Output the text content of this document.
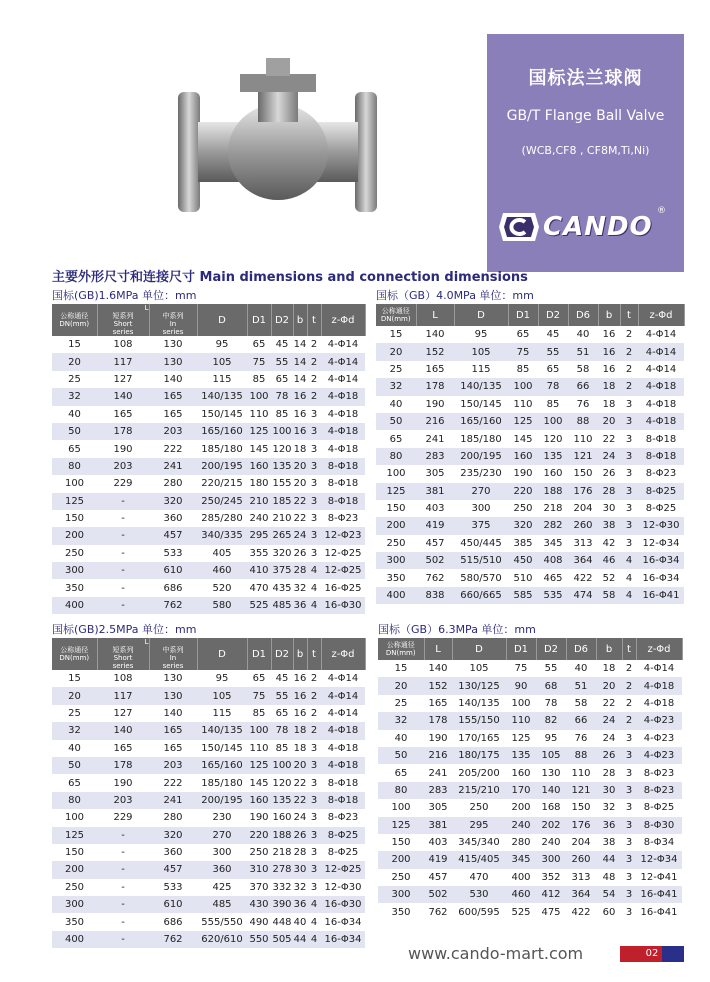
国标法兰球阀
GB/T Flange Ball Valve
(WCB,CF8 , CF8M,Ti,Ni)
CANDO
®
主要外形尺寸和连接尺寸 Main dimensions and connection dimensions
国标(GB)1.6MPa 单位：mm
公称通径
DN(mm)	L
短系列
Short
series	中系列
In
series	D	D1	D2	b	t	z-Φd
15	108	130	95	65	45	14	2	4-Φ14
20	117	130	105	75	55	14	2	4-Φ14
25	127	140	115	85	65	14	2	4-Φ14
32	140	165	140/135	100	78	16	2	4-Φ18
40	165	165	150/145	110	85	16	3	4-Φ18
50	178	203	165/160	125	100	16	3	4-Φ18
65	190	222	185/180	145	120	18	3	4-Φ18
80	203	241	200/195	160	135	20	3	8-Φ18
100	229	280	220/215	180	155	20	3	8-Φ18
125	-	320	250/245	210	185	22	3	8-Φ18
150	-	360	285/280	240	210	22	3	8-Φ23
200	-	457	340/335	295	265	24	3	12-Φ23
250	-	533	405	355	320	26	3	12-Φ25
300	-	610	460	410	375	28	4	12-Φ25
350	-	686	520	470	435	32	4	16-Φ25
400	-	762	580	525	485	36	4	16-Φ30
国标（GB）4.0MPa 单位：mm
公称通径
DN(mm)	L	D	D1	D2	D6	b	t	z-Φd
15	140	95	65	45	40	16	2	4-Φ14
20	152	105	75	55	51	16	2	4-Φ14
25	165	115	85	65	58	16	2	4-Φ14
32	178	140/135	100	78	66	18	2	4-Φ18
40	190	150/145	110	85	76	18	3	4-Φ18
50	216	165/160	125	100	88	20	3	4-Φ18
65	241	185/180	145	120	110	22	3	8-Φ18
80	283	200/195	160	135	121	24	3	8-Φ18
100	305	235/230	190	160	150	26	3	8-Φ23
125	381	270	220	188	176	28	3	8-Φ25
150	403	300	250	218	204	30	3	8-Φ25
200	419	375	320	282	260	38	3	12-Φ30
250	457	450/445	385	345	313	42	3	12-Φ34
300	502	515/510	450	408	364	46	4	16-Φ34
350	762	580/570	510	465	422	52	4	16-Φ34
400	838	660/665	585	535	474	58	4	16-Φ41
国标(GB)2.5MPa 单位：mm
公称通径
DN(mm)	L
短系列
Short
series	中系列
In
series	D	D1	D2	b	t	z-Φd
15	108	130	95	65	45	16	2	4-Φ14
20	117	130	105	75	55	16	2	4-Φ14
25	127	140	115	85	65	16	2	4-Φ14
32	140	165	140/135	100	78	18	2	4-Φ18
40	165	165	150/145	110	85	18	3	4-Φ18
50	178	203	165/160	125	100	20	3	4-Φ18
65	190	222	185/180	145	120	22	3	8-Φ18
80	203	241	200/195	160	135	22	3	8-Φ18
100	229	280	230	190	160	24	3	8-Φ23
125	-	320	270	220	188	26	3	8-Φ25
150	-	360	300	250	218	28	3	8-Φ25
200	-	457	360	310	278	30	3	12-Φ25
250	-	533	425	370	332	32	3	12-Φ30
300	-	610	485	430	390	36	4	16-Φ30
350	-	686	555/550	490	448	40	4	16-Φ34
400	-	762	620/610	550	505	44	4	16-Φ34
国标（GB）6.3MPa 单位：mm
公称通径
DN(mm)	L	D	D1	D2	D6	b	t	z-Φd
15	140	105	75	55	40	18	2	4-Φ14
20	152	130/125	90	68	51	20	2	4-Φ18
25	165	140/135	100	78	58	22	2	4-Φ18
32	178	155/150	110	82	66	24	2	4-Φ23
40	190	170/165	125	95	76	24	3	4-Φ23
50	216	180/175	135	105	88	26	3	4-Φ23
65	241	205/200	160	130	110	28	3	8-Φ23
80	283	215/210	170	140	121	30	3	8-Φ23
100	305	250	200	168	150	32	3	8-Φ25
125	381	295	240	202	176	36	3	8-Φ30
150	403	345/340	280	240	204	38	3	8-Φ34
200	419	415/405	345	300	260	44	3	12-Φ34
250	457	470	400	352	313	48	3	12-Φ41
300	502	530	460	412	364	54	3	16-Φ41
350	762	600/595	525	475	422	60	3	16-Φ41
www.cando-mart.com	02
